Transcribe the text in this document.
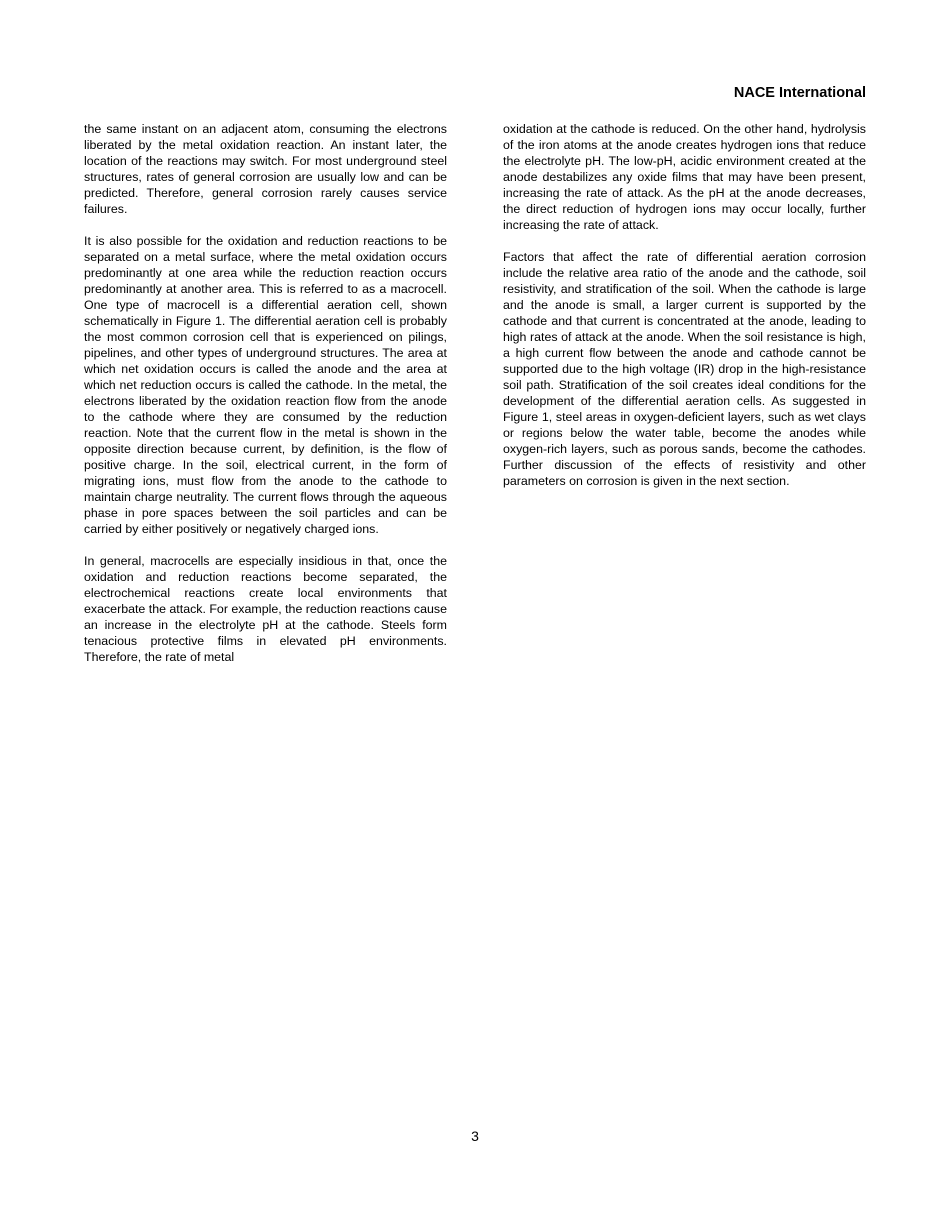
NACE International

the same instant on an adjacent atom, consuming the electrons liberated by the metal oxidation reaction. An instant later, the location of the reactions may switch. For most underground steel structures, rates of general corrosion are usually low and can be predicted. Therefore, general corrosion rarely causes service failures.

It is also possible for the oxidation and reduction reactions to be separated on a metal surface, where the metal oxidation occurs predominantly at one area while the reduction reaction occurs predominantly at another area. This is referred to as a macrocell. One type of macrocell is a differential aeration cell, shown schematically in Figure 1. The differential aeration cell is probably the most common corrosion cell that is experienced on pilings, pipelines, and other types of underground structures. The area at which net oxidation occurs is called the anode and the area at which net reduction occurs is called the cathode. In the metal, the electrons liberated by the oxidation reaction flow from the anode to the cathode where they are consumed by the reduction reaction. Note that the current flow in the metal is shown in the opposite direction because current, by definition, is the flow of positive charge. In the soil, electrical current, in the form of migrating ions, must flow from the anode to the cathode to maintain charge neutrality. The current flows through the aqueous phase in pore spaces between the soil particles and can be carried by either positively or negatively charged ions.

In general, macrocells are especially insidious in that, once the oxidation and reduction reactions become separated, the electrochemical reactions create local environments that exacerbate the attack. For example, the reduction reactions cause an increase in the electrolyte pH at the cathode. Steels form tenacious protective films in elevated pH environments. Therefore, the rate of metal

oxidation at the cathode is reduced. On the other hand, hydrolysis of the iron atoms at the anode creates hydrogen ions that reduce the electrolyte pH. The low-pH, acidic environment created at the anode destabilizes any oxide films that may have been present, increasing the rate of attack. As the pH at the anode decreases, the direct reduction of hydrogen ions may occur locally, further increasing the rate of attack.

Factors that affect the rate of differential aeration corrosion include the relative area ratio of the anode and the cathode, soil resistivity, and stratification of the soil. When the cathode is large and the anode is small, a larger current is supported by the cathode and that current is concentrated at the anode, leading to high rates of attack at the anode. When the soil resistance is high, a high current flow between the anode and cathode cannot be supported due to the high voltage (IR) drop in the high-resistance soil path. Stratification of the soil creates ideal conditions for the development of the differential aeration cells. As suggested in Figure 1, steel areas in oxygen-deficient layers, such as wet clays or regions below the water table, become the anodes while oxygen-rich layers, such as porous sands, become the cathodes. Further discussion of the effects of resistivity and other parameters on corrosion is given in the next section.

3
